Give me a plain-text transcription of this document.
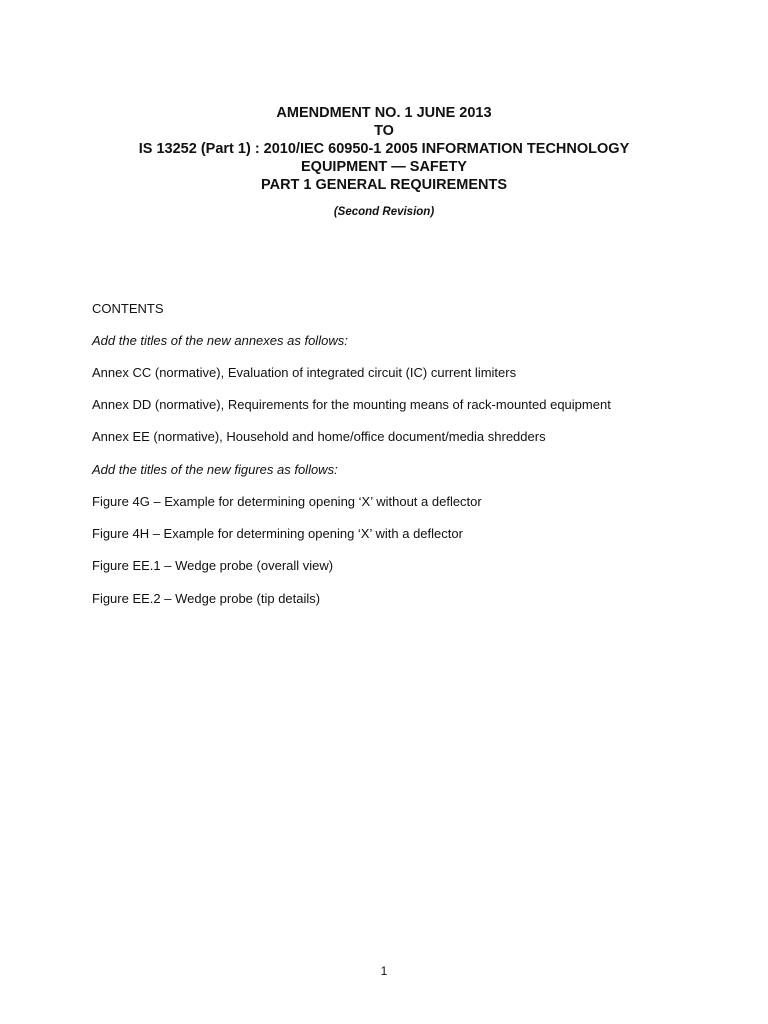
AMENDMENT NO. 1 JUNE 2013
TO
IS 13252 (Part 1) : 2010/IEC 60950-1 2005 INFORMATION TECHNOLOGY
EQUIPMENT — SAFETY
PART 1 GENERAL REQUIREMENTS
(Second Revision)
CONTENTS
Add the titles of the new annexes as follows:
Annex CC (normative), Evaluation of integrated circuit (IC) current limiters
Annex DD (normative), Requirements for the mounting means of rack-mounted equipment
Annex EE (normative), Household and home/office document/media shredders
Add the titles of the new figures as follows:
Figure 4G – Example for determining opening ‘X’ without a deflector
Figure 4H – Example for determining opening ‘X’ with a deflector
Figure EE.1 – Wedge probe (overall view)
Figure EE.2 – Wedge probe (tip details)
1
